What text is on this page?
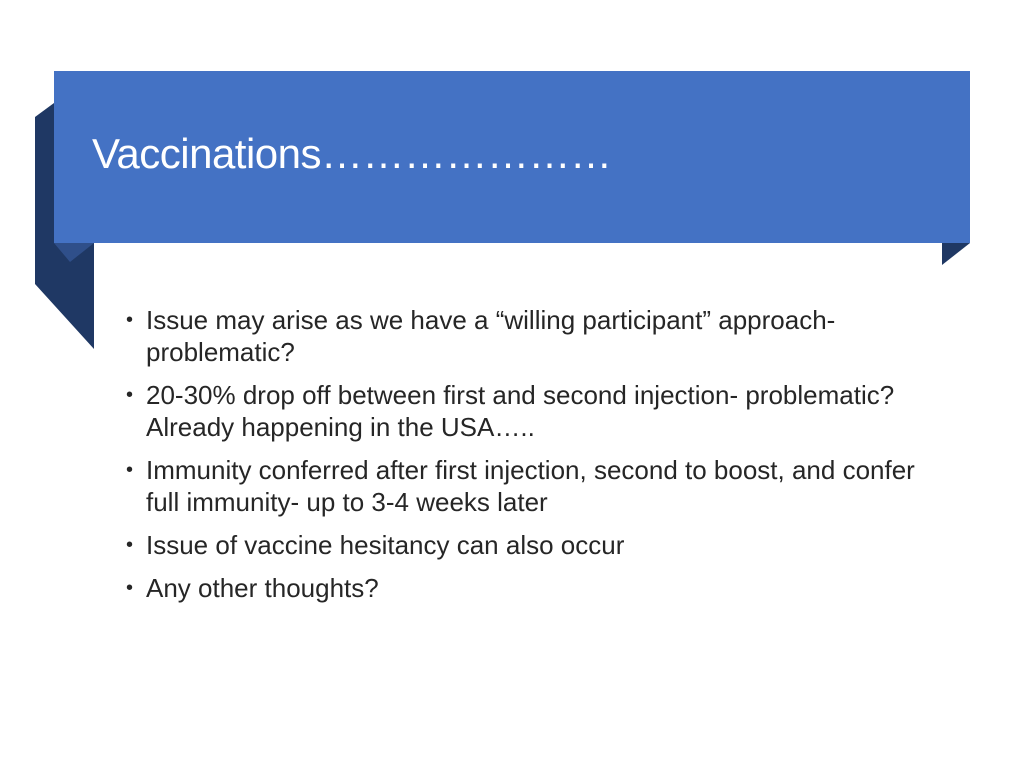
Vaccinations…………………
• Issue may arise as we have a “willing participant” approach- problematic?
• 20-30% drop off between first and second injection- problematic? Already happening in the USA…..
• Immunity conferred after first injection, second to boost, and confer full immunity- up to 3-4 weeks later
• Issue of vaccine hesitancy can also occur
• Any other thoughts?
